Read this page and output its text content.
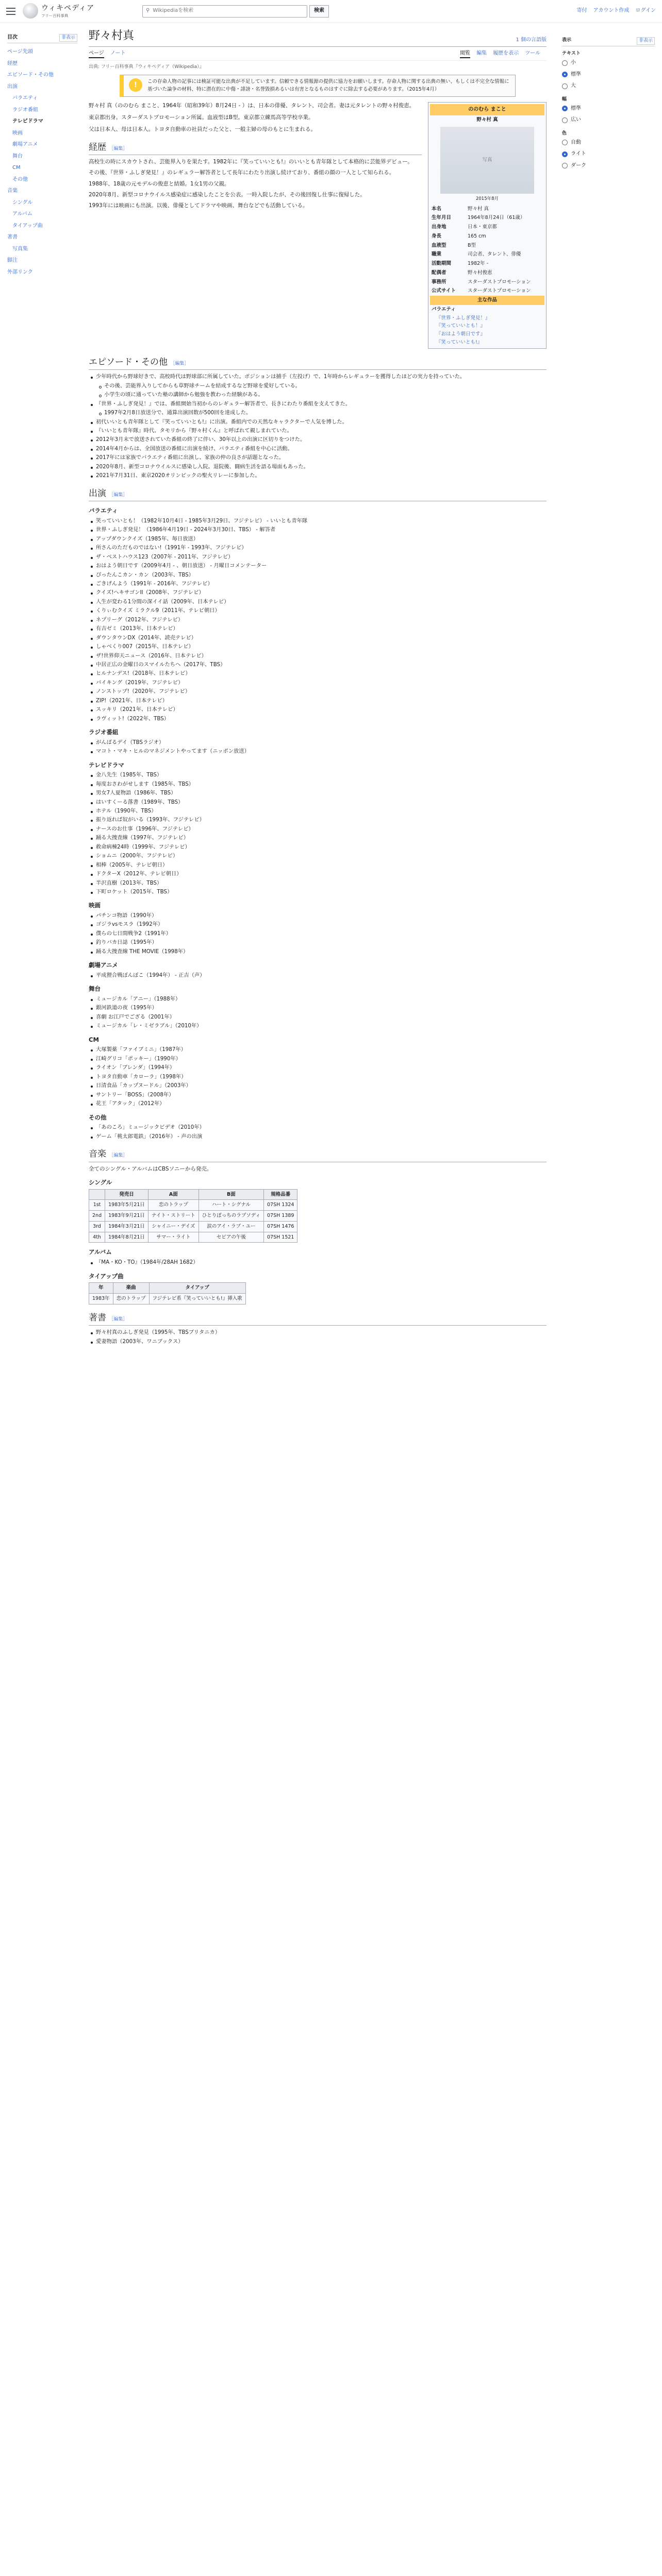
ウィキペディア
フリー百科事典
⚲ Wikipediaを検索	検索	寄付 アカウント作成 ログイン
目次	非表示
ページ先頭
経歴
エピソード・その他
出演
バラエティ
ラジオ番組
テレビドラマ
映画
劇場アニメ
舞台
CM
その他
音楽
シングル
アルバム
タイアップ曲
著書
写真集
脚注
外部リンク
野々村真	1 個の言語版
ページ ノート	閲覧 編集 履歴を表示 ツール
出典: フリー百科事典『ウィキペディア（Wikipedia）』
!	この存命人物の記事には検証可能な出典が不足しています。信頼できる情報源の提供に協力をお願いします。存命人物に関する出典の無い、もしくは不完全な情報に基づいた論争の材料、特に潜在的に中傷・誹謗・名誉毀損あるいは有害となるものはすぐに除去する必要があります。（2015年4月）

野々村 真（ののむら まこと、1964年（昭和39年）8月24日 - ）は、日本の俳優、タレント、司会者。妻は元タレントの野々村俊恵。

東京都出身。スターダストプロモーション所属。血液型はB型。東京都立練馬高等学校卒業。

父は日本人、母は日本人。トヨタ自動車の社員だった父と、一般主婦の母のもとに生まれる。

経歴 ［編集］

高校生の時にスカウトされ、芸能界入りを果たす。1982年に『笑っていいとも!』のいいとも青年隊として本格的に芸能界デビュー。

その後、『世界・ふしぎ発見！』のレギュラー解答者として長年にわたり出演し続けており、番組の顔の一人として知られる。

1988年、18歳の元モデルの俊恵と結婚。1女1男の父親。

2020年8月、新型コロナウイルス感染症に感染したことを公表。一時入院したが、その後回復し仕事に復帰した。

1993年には映画にも出演。以後、俳優としてドラマや映画、舞台などでも活動している。

ののむら まこと
野々村 真
写真
2015年8月
本名	野々村 真
生年月日	1964年8月24日（61歳）
出身地	日本・東京都
身長	165 cm
血液型	B型
職業	司会者、タレント、俳優
活動期間	1982年 -
配偶者	野々村俊恵
事務所	スターダストプロモーション
公式サイト	スターダストプロモーション
主な作品
バラエティ
『世界・ふしぎ発見！』
『笑っていいとも！』
『おはよう朝日です』
『笑っていいとも!』
エピソード・その他 ［編集］
少年時代から野球好きで、高校時代は野球部に所属していた。ポジションは捕手（左投げ）で、1年時からレギュラーを獲得したほどの実力を持っていた。
その後、芸能界入りしてからも草野球チームを結成するなど野球を愛好している。
小学生の頃に通っていた塾の講師から勉強を教わった経験がある。
『世界・ふしぎ発見！』では、番組開始当初からのレギュラー解答者で、長きにわたり番組を支えてきた。
1997年2月8日放送分で、通算出演回数が500回を達成した。
初代いいとも青年隊として『笑っていいとも!』に出演。番組内での天然なキャラクターで人気を博した。
『いいとも青年隊』時代、タモリから『野々村くん』と呼ばれて親しまれていた。
2012年3月末で放送されていた番組の終了に伴い、30年以上の出演に区切りをつけた。
2014年4月からは、全国放送の番組に出演を続け、バラエティ番組を中心に活動。
2017年には家族でバラエティ番組に出演し、家族の仲の良さが話題となった。
2020年8月、新型コロナウイルスに感染し入院。退院後、闘病生活を語る場面もあった。
2021年7月31日、東京2020オリンピックの聖火リレーに参加した。
出演 ［編集］
バラエティ
笑っていいとも！（1982年10月4日 - 1985年3月29日、フジテレビ） - いいとも青年隊
世界・ふしぎ発見！（1986年4月19日 - 2024年3月30日、TBS） - 解答者
アップダウンクイズ（1985年、毎日放送）
所さんのただものではない!（1991年 - 1993年、フジテレビ）
ザ・ベストハウス123（2007年 - 2011年、フジテレビ）
おはよう朝日です（2009年4月 - 、朝日放送） - 月曜日コメンテーター
ぴったんこカン・カン（2003年、TBS）
ごきげんよう（1991年 - 2016年、フジテレビ）
クイズ!ヘキサゴンII（2008年、フジテレビ）
人生が変わる1分間の深イイ話（2009年、日本テレビ）
くりぃむクイズ ミラクル9（2011年、テレビ朝日）
ネプリーグ（2012年、フジテレビ）
有吉ゼミ（2013年、日本テレビ）
ダウンタウンDX（2014年、読売テレビ）
しゃべくり007（2015年、日本テレビ）
ザ!世界仰天ニュース（2016年、日本テレビ）
中居正広の金曜日のスマイルたちへ（2017年、TBS）
ヒルナンデス!（2018年、日本テレビ）
バイキング（2019年、フジテレビ）
ノンストップ!（2020年、フジテレビ）
ZIP!（2021年、日本テレビ）
スッキリ（2021年、日本テレビ）
ラヴィット!（2022年、TBS）
ラジオ番組
がんばるデイ（TBSラジオ）
マコト・マキ・ヒルのマネジメントやってます（ニッポン放送）
テレビドラマ
金八先生（1985年、TBS）
毎度おさわがせします（1985年、TBS）
男女7人夏物語（1986年、TBS）
はいすくーる落書（1989年、TBS）
ホテル（1990年、TBS）
振り返れば奴がいる（1993年、フジテレビ）
ナースのお仕事（1996年、フジテレビ）
踊る大捜査線（1997年、フジテレビ）
救命病棟24時（1999年、フジテレビ）
ショムニ（2000年、フジテレビ）
相棒（2005年、テレビ朝日）
ドクターX（2012年、テレビ朝日）
半沢直樹（2013年、TBS）
下町ロケット（2015年、TBS）
映画
パチンコ物語（1990年）
ゴジラvsモスラ（1992年）
僕らの七日間戦争2（1991年）
釣りバカ日誌（1995年）
踊る大捜査線 THE MOVIE（1998年）
劇場アニメ
平成狸合戦ぽんぽこ（1994年） - 正吉（声）
舞台
ミュージカル「アニー」（1988年）
銀河鉄道の夜（1995年）
喜劇 お江戸でござる（2001年）
ミュージカル「レ・ミゼラブル」（2010年）
CM
大塚製薬「ファイブミニ」（1987年）
江崎グリコ「ポッキー」（1990年）
ライオン「ブレンダ」（1994年）
トヨタ自動車「カローラ」（1998年）
日清食品「カップヌードル」（2003年）
サントリー「BOSS」（2008年）
花王「アタック」（2012年）
その他
「あのころ」ミュージックビデオ（2010年）
ゲーム「桃太郎電鉄」（2016年） - 声の出演
音楽 ［編集］

全てのシングル・アルバムはCBSソニーから発売。

シングル
	発売日	A面	B面	規格品番
1st	1983年5月21日	恋のトラップ	ハート・シグナル	07SH 1324
2nd	1983年9月21日	ナイト・ストリート	ひとりぼっちのラプソディ	07SH 1389
3rd	1984年3月21日	シャイニー・デイズ	涙のアイ・ラブ・ユー	07SH 1476
4th	1984年8月21日	サマー・ライト	セピアの午後	07SH 1521
アルバム
『MA・KO・TO』（1984年/28AH 1682）
タイアップ曲
年	楽曲	タイアップ
1983年	恋のトラップ	フジテレビ系『笑っていいとも!』挿入歌
著書 ［編集］
野々村真のふしぎ発見（1995年、TBSブリタニカ）
愛妻物語（2003年、ワニブックス）
表示	非表示
テキスト
小
標準
大
幅
標準
広い
色
自動
ライト
ダーク
